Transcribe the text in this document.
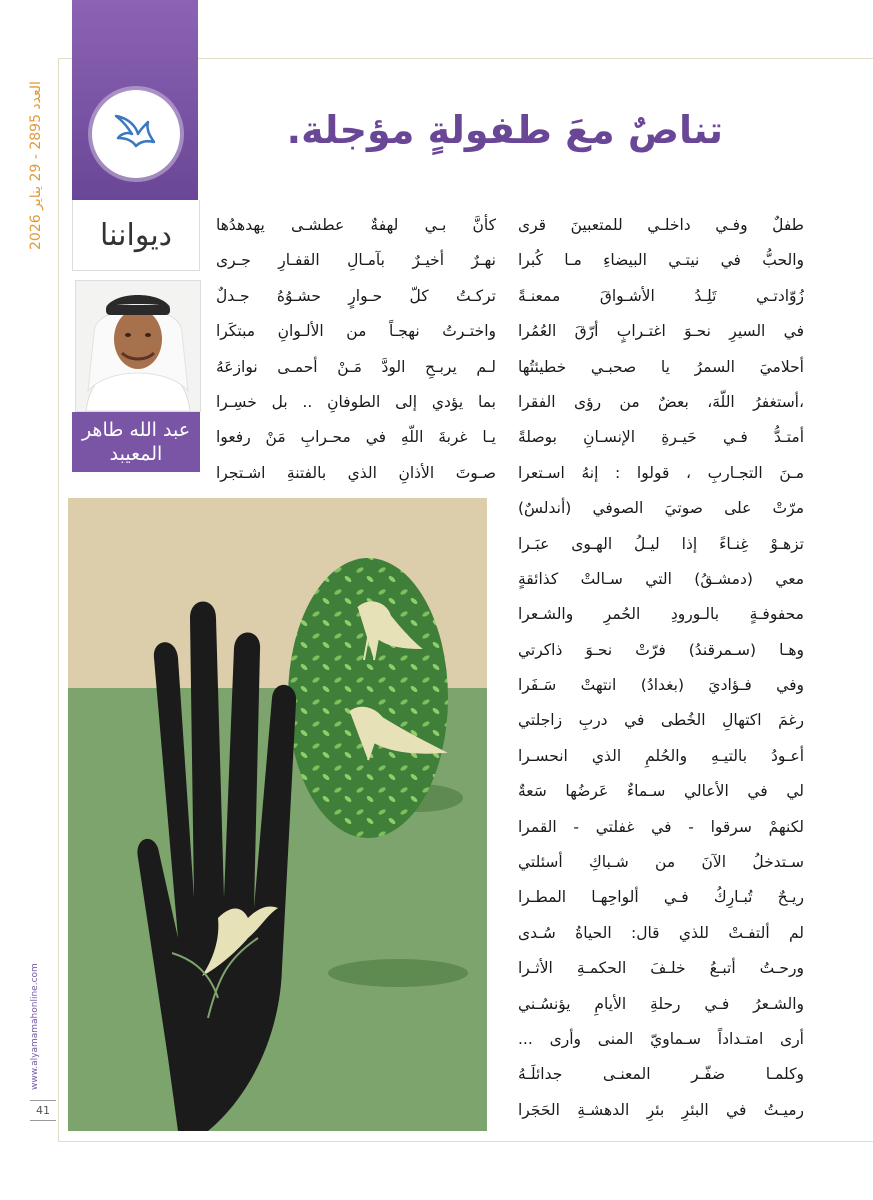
العدد 2895 - 29 يناير 2026
www.alyamamahonline.com
41
ديواننا
عبد الله طاهر
المعيبد
تناصٌ معَ طفولةٍ مؤجلة.
طفلٌ وفـي داخلـي للمتعبينَ قرى
والحبُّ في نيتـي البيضاءِ مـا كُبرا
زُوّادتـي تَلِـدُ الأشـواقَ ممعنـةً
في السيرِ نحـوَ اغتـرابٍ أرّقَ العُمُرا
أحلاميَ السمرُ يا صحبـي خطيئتُها
،أستغفرُ اللّهَ، بعضٌ من رؤى الفقرا
أمتـدُّ فـي حَيـرةِ الإنسـانِ بوصلةً
مـنَ التجـاربِ ، قولوا : إنهُ اسـتعرا
مرّتْ على صوتيَ الصوفي (أندلسٌ)
تزهـوْ غِنـاءً إذا ليـلُ الهـوى عبَـرا
معي (دمشـقُ) التي سـالتْ كذائقةٍ
محفوفـةٍ بالـورودِ الحُمرِ والشـعرا
وهـا (سـمرقندُ) فرّتْ نحـوَ ذاكرتي
وفي فـؤاديَ (بغدادُ) انتهتْ سَـفَرا
رغمَ اكتهالِ الخُطى في دربِ زاجلتي
أعـودُ بالتيـهِ والحُلمِ الذي انحسـرا
لي في الأعالي سـماءٌ عَرضُها سَعةٌ
لكنهمْ سرقوا - في غفلتي - القمرا
سـتدخلُ الآنَ من شـباكِ أسئلتي
ريـحٌ تُبـارِكُ فـي ألواحِهـا المطـرا
لم ألتفـتْ للذي قال: الحياةُ سُـدى
ورحـتُ أتبـعُ خلـفَ الحكمـةِ الأثـرا
والشـعرُ فـي رحلةِ الأيامِ يؤنسُـني
أرى امتـداداً سـماويّ المنى وأرى ...
وكلمـا ضفّـر المعنـى جدائلَـهُ
رميـتُ في البئرِ بئرِ الدهشـةِ الحَجَرا
كأنَّ بـي لهفةٌ عطشـى يهدهدُها
نهـرٌ أخيـرٌ بآمـالِ القفـارِ جـرى
تركـتُ كلّ حـوارٍ حشـوُهُ جـدلٌ
واختـرتُ نهجـاً من الألـوانِ مبتكَرا
لـم يربـحِ الودَّ مَـنْ أحمـى نوازعَهُ
بما يؤدي إلى الطوفانِ .. بل خسِـرا
يـا غربةَ اللّهِ في محـرابِ مَنْ رفعوا
صـوتَ الأذانِ الذي بالفتنةِ اشـتجرا
